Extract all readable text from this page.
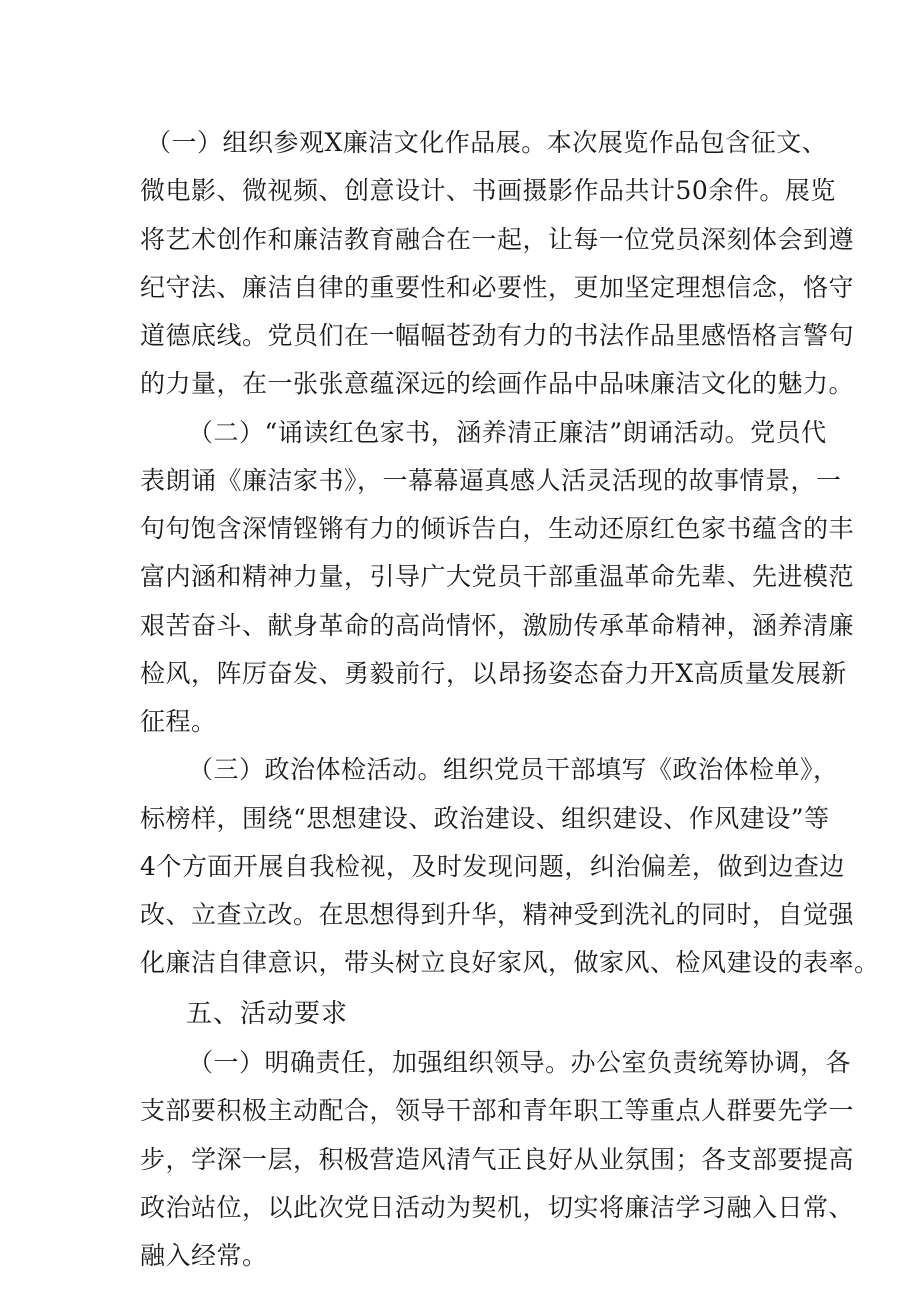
（一）组织参观X廉洁文化作品展。本次展览作品包含征文、
微电影、微视频、创意设计、书画摄影作品共计50余件。展览
将艺术创作和廉洁教育融合在一起，让每一位党员深刻体会到遵
纪守法、廉洁自律的重要性和必要性，更加坚定理想信念，恪守
道德底线。党员们在一幅幅苍劲有力的书法作品里感悟格言警句
的力量，在一张张意蕴深远的绘画作品中品味廉洁文化的魅力。
（二）“诵读红色家书，涵养清正廉洁”朗诵活动。党员代
表朗诵《廉洁家书》，一幕幕逼真感人活灵活现的故事情景，一
句句饱含深情铿锵有力的倾诉告白，生动还原红色家书蕴含的丰
富内涵和精神力量，引导广大党员干部重温革命先辈、先进模范
艰苦奋斗、献身革命的高尚情怀，激励传承革命精神，涵养清廉
检风，阵厉奋发、勇毅前行，以昂扬姿态奋力开X高质量发展新
征程。
（三）政治体检活动。组织党员干部填写《政治体检单》，
标榜样，围绕“思想建设、政治建设、组织建设、作风建设”等
4个方面开展自我检视，及时发现问题，纠治偏差，做到边查边
改、立查立改。在思想得到升华，精神受到洗礼的同时，自觉强
化廉洁自律意识，带头树立良好家风，做家风、检风建设的表率。
五、活动要求
（一）明确责任，加强组织领导。办公室负责统筹协调，各
支部要积极主动配合，领导干部和青年职工等重点人群要先学一
步，学深一层，积极营造风清气正良好从业氛围；各支部要提高
政治站位，以此次党日活动为契机，切实将廉洁学习融入日常、
融入经常。
